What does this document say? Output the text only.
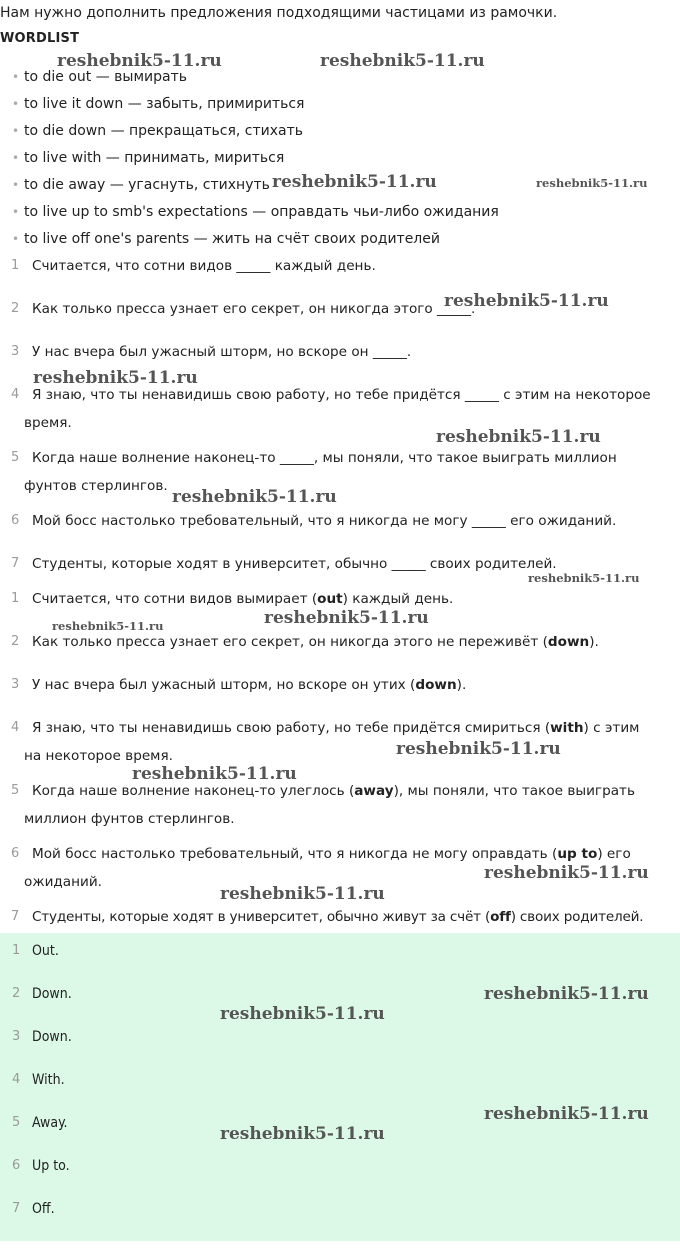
Нам нужно дополнить предложения подходящими частицами из рамочки.
WORDLIST
• to die out — вымирать
• to live it down — забыть, примириться
• to die down — прекращаться, стихать
• to live with — принимать, мириться
• to die away — угаснуть, стихнуть
• to live up to smb's expectations — оправдать чьи-либо ожидания
• to live off one's parents — жить на счёт своих родителей
1 Считается, что сотни видов _____ каждый день.
2 Как только пресса узнает его секрет, он никогда этого _____.
3 У нас вчера был ужасный шторм, но вскоре он _____.
4 Я знаю, что ты ненавидишь свою работу, но тебе придётся _____ с этим на некоторое
время.
5 Когда наше волнение наконец-то _____, мы поняли, что такое выиграть миллион
фунтов стерлингов.
6 Мой босс настолько требовательный, что я никогда не могу _____ его ожиданий.
7 Студенты, которые ходят в университет, обычно _____ своих родителей.
1 Считается, что сотни видов вымирает (out) каждый день.
2 Как только пресса узнает его секрет, он никогда этого не переживёт (down).
3 У нас вчера был ужасный шторм, но вскоре он утих (down).
4 Я знаю, что ты ненавидишь свою работу, но тебе придётся смириться (with) с этим
на некоторое время.
5 Когда наше волнение наконец-то улеглось (away), мы поняли, что такое выиграть
миллион фунтов стерлингов.
6 Мой босс настолько требовательный, что я никогда не могу оправдать (up to) его
ожиданий.
7 Студенты, которые ходят в университет, обычно живут за счёт (off) своих родителей.
1 Out.
2 Down.
3 Down.
4 With.
5 Away.
6 Up to.
7 Off.
reshebnik5-11.ru	reshebnik5-11.ru
reshebnik5-11.ru	reshebnik5-11.ru
reshebnik5-11.ru
reshebnik5-11.ru
reshebnik5-11.ru
reshebnik5-11.ru
reshebnik5-11.ru
reshebnik5-11.ru
reshebnik5-11.ru
reshebnik5-11.ru
reshebnik5-11.ru
reshebnik5-11.ru
reshebnik5-11.ru
reshebnik5-11.ru
reshebnik5-11.ru
reshebnik5-11.ru
reshebnik5-11.ru
